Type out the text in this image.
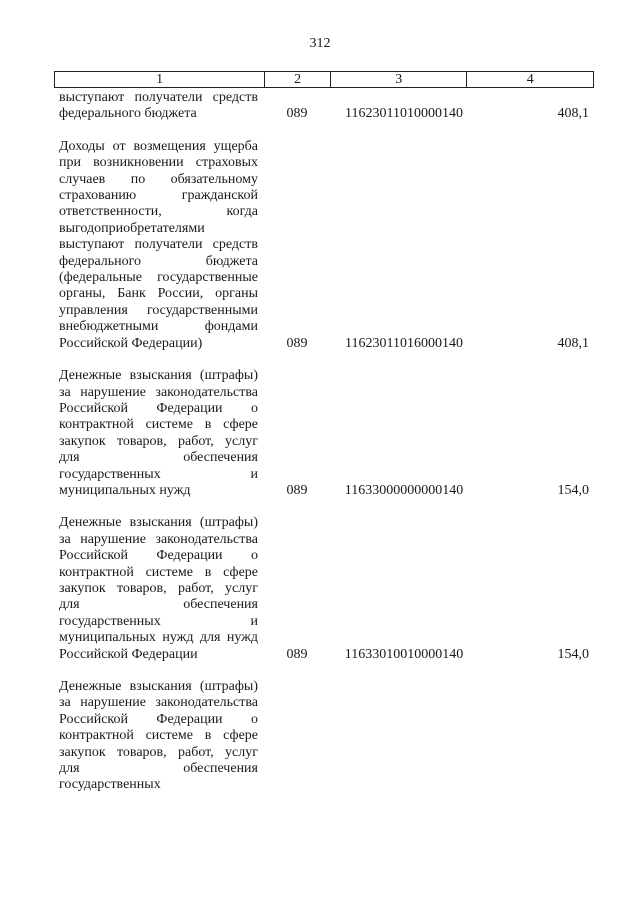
312
1	2	3	4
выступают получатели средств федерального бюджета	089	11623011010000140	408,1
Доходы от возмещения ущерба при возникновении страховых случаев по обязательному страхованию гражданской ответственности, когда выгодоприобретателями выступают получатели средств федерального бюджета (федеральные государственные органы, Банк России, органы управления государственными внебюджетными фондами Российской Федерации)	089	11623011016000140	408,1
Денежные взыскания (штрафы) за нарушение законодательства Российской Федерации о контрактной системе в сфере закупок товаров, работ, услуг для обеспечения государственных и муниципальных нужд	089	11633000000000140	154,0
Денежные взыскания (штрафы) за нарушение законодательства Российской Федерации о контрактной системе в сфере закупок товаров, работ, услуг для обеспечения государственных и муниципальных нужд для нужд Российской Федерации	089	11633010010000140	154,0
Денежные взыскания (штрафы) за нарушение законодательства Российской Федерации о контрактной системе в сфере закупок товаров, работ, услуг для обеспечения государственных
